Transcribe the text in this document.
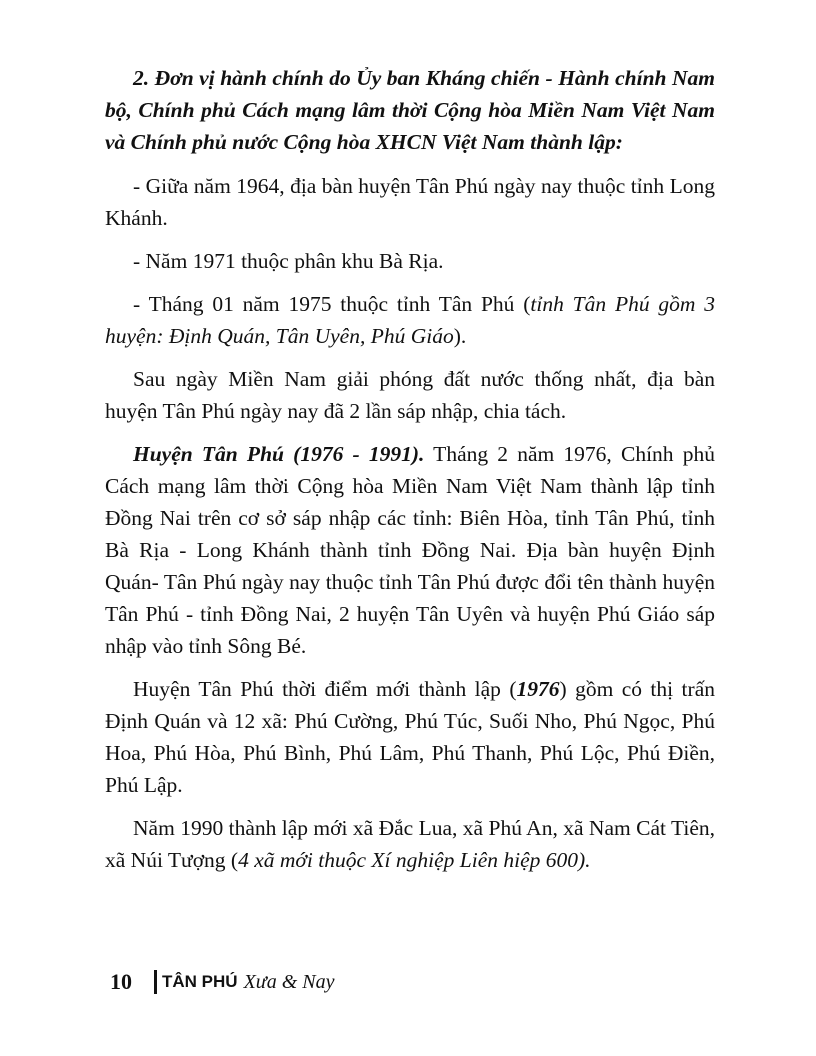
2. Đơn vị hành chính do Ủy ban Kháng chiến - Hành chính Nam bộ, Chính phủ Cách mạng lâm thời Cộng hòa Miền Nam Việt Nam và Chính phủ nước Cộng hòa XHCN Việt Nam thành lập:

- Giữa năm 1964, địa bàn huyện Tân Phú ngày nay thuộc tỉnh Long Khánh.

- Năm 1971 thuộc phân khu Bà Rịa.

- Tháng 01 năm 1975 thuộc tỉnh Tân Phú (tỉnh Tân Phú gồm 3 huyện: Định Quán, Tân Uyên, Phú Giáo).

Sau ngày Miền Nam giải phóng đất nước thống nhất, địa bàn huyện Tân Phú ngày nay đã 2 lần sáp nhập, chia tách.

Huyện Tân Phú (1976 - 1991). Tháng 2 năm 1976, Chính phủ Cách mạng lâm thời Cộng hòa Miền Nam Việt Nam thành lập tỉnh Đồng Nai trên cơ sở sáp nhập các tỉnh: Biên Hòa, tỉnh Tân Phú, tỉnh Bà Rịa - Long Khánh thành tỉnh Đồng Nai. Địa bàn huyện Định Quán- Tân Phú ngày nay thuộc tỉnh Tân Phú được đổi tên thành huyện Tân Phú - tỉnh Đồng Nai, 2 huyện Tân Uyên và huyện Phú Giáo sáp nhập vào tỉnh Sông Bé.

Huyện Tân Phú thời điểm mới thành lập (1976) gồm có thị trấn Định Quán và 12 xã: Phú Cường, Phú Túc, Suối Nho, Phú Ngọc, Phú Hoa, Phú Hòa, Phú Bình, Phú Lâm, Phú Thanh, Phú Lộc, Phú Điền, Phú Lập.

Năm 1990 thành lập mới xã Đắc Lua, xã Phú An, xã Nam Cát Tiên, xã Núi Tượng (4 xã mới thuộc Xí nghiệp Liên hiệp 600).

10 TÂN PHÚ Xưa & Nay
